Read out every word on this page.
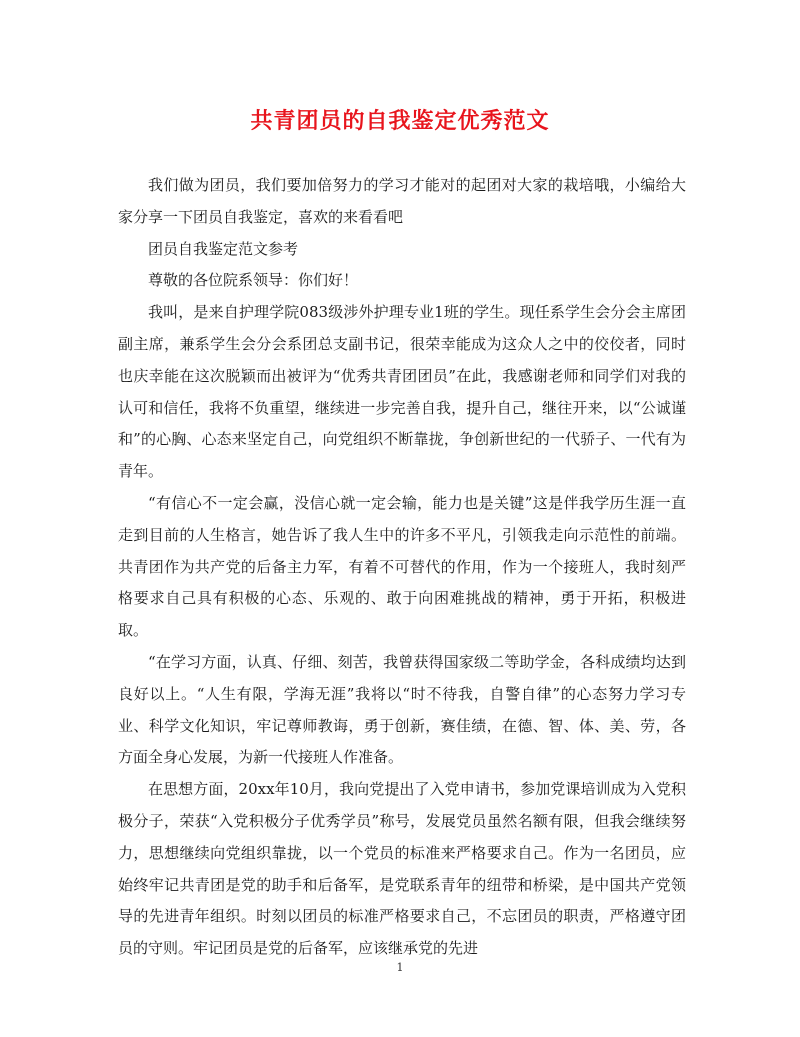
共青团员的自我鉴定优秀范文

我们做为团员，我们要加倍努力的学习才能对的起团对大家的栽培哦，小编给大家分享一下团员自我鉴定，喜欢的来看看吧

团员自我鉴定范文参考

尊敬的各位院系领导：你们好！

我叫，是来自护理学院083级涉外护理专业1班的学生。现任系学生会分会主席团副主席，兼系学生会分会系团总支副书记，很荣幸能成为这众人之中的佼佼者，同时也庆幸能在这次脱颖而出被评为“优秀共青团团员”在此，我感谢老师和同学们对我的认可和信任，我将不负重望，继续进一步完善自我，提升自己，继往开来，以“公诚谨和”的心胸、心态来坚定自己，向党组织不断靠拢，争创新世纪的一代骄子、一代有为青年。

“有信心不一定会赢，没信心就一定会输，能力也是关键”这是伴我学历生涯一直走到目前的人生格言，她告诉了我人生中的许多不平凡，引领我走向示范性的前端。共青团作为共产党的后备主力军，有着不可替代的作用，作为一个接班人，我时刻严格要求自己具有积极的心态、乐观的、敢于向困难挑战的精神，勇于开拓，积极进取。

“在学习方面，认真、仔细、刻苦，我曾获得国家级二等助学金，各科成绩均达到良好以上。“人生有限，学海无涯”我将以“时不待我，自警自律”的心态努力学习专业、科学文化知识，牢记尊师教诲，勇于创新，赛佳绩，在德、智、体、美、劳，各方面全身心发展，为新一代接班人作准备。

在思想方面，20xx年10月，我向党提出了入党申请书，参加党课培训成为入党积极分子，荣获“入党积极分子优秀学员”称号，发展党员虽然名额有限，但我会继续努力，思想继续向党组织靠拢，以一个党员的标准来严格要求自己。作为一名团员，应始终牢记共青团是党的助手和后备军，是党联系青年的纽带和桥梁，是中国共产党领导的先进青年组织。时刻以团员的标准严格要求自己，不忘团员的职责，严格遵守团员的守则。牢记团员是党的后备军，应该继承党的先进

1
